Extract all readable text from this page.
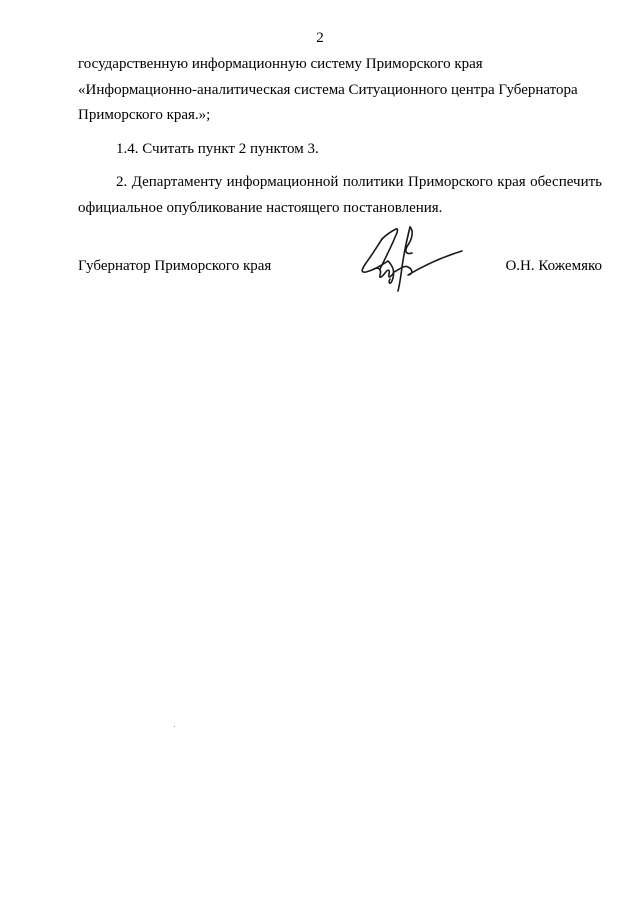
2

государственную информационную систему Приморского края

«Информационно-аналитическая система Ситуационного центра Губернатора

Приморского края.»;

1.4. Считать пункт 2 пунктом 3.

2. Департаменту информационной политики Приморского края обеспечить официальное опубликование настоящего постановления.

Губернатор Приморского края	О.Н. Кожемяко
